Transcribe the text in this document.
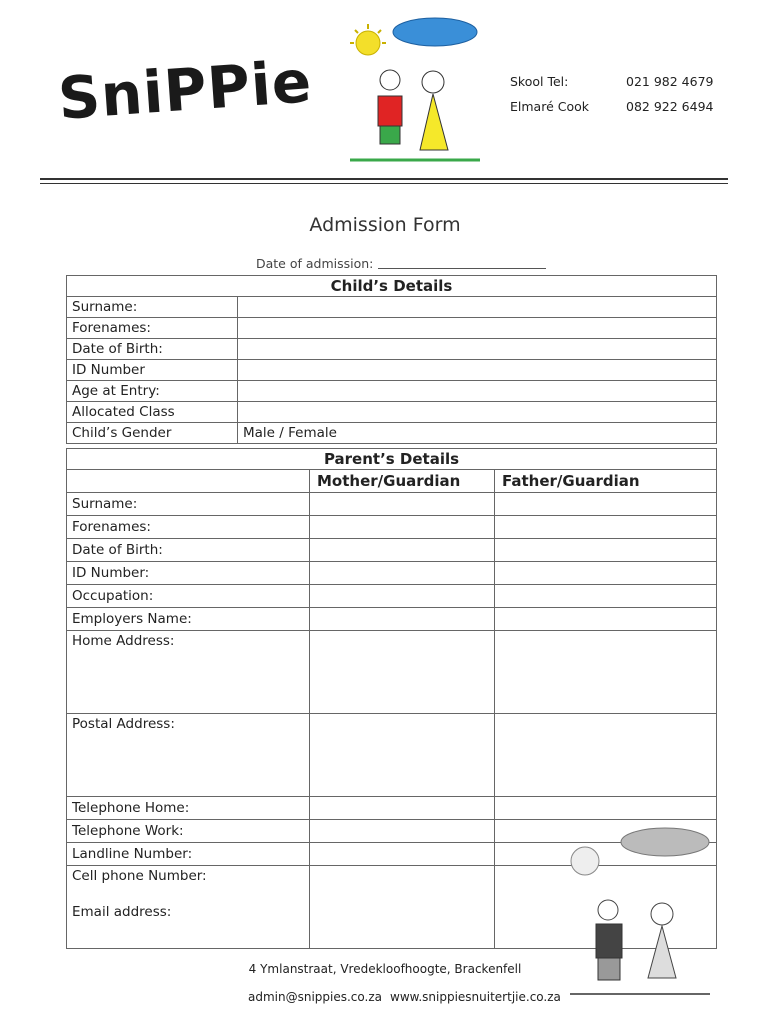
SniPPie	Skool Tel:	021 982 4679
Elmaré Cook	082 922 6494
Admission Form
Date of admission:
Child’s Details	
Surname:	
Forenames:	
Date of Birth:	
ID Number	
Age at Entry:	
Allocated Class	
Child’s Gender	Male / Female
Parent’s Details		
	Mother/Guardian	Father/Guardian
Surname:		
Forenames:		
Date of Birth:		
ID Number:		
Occupation:		
Employers Name:		
Home Address:		
Postal Address:		
Telephone Home:		
Telephone Work:		
Landline Number:		

Cell phone Number:
Email address:		

4 Ymlanstraat, Vredekloofhoogte, Brackenfell
admin@snippies.co.za www.snippiesnuitertjie.co.za
